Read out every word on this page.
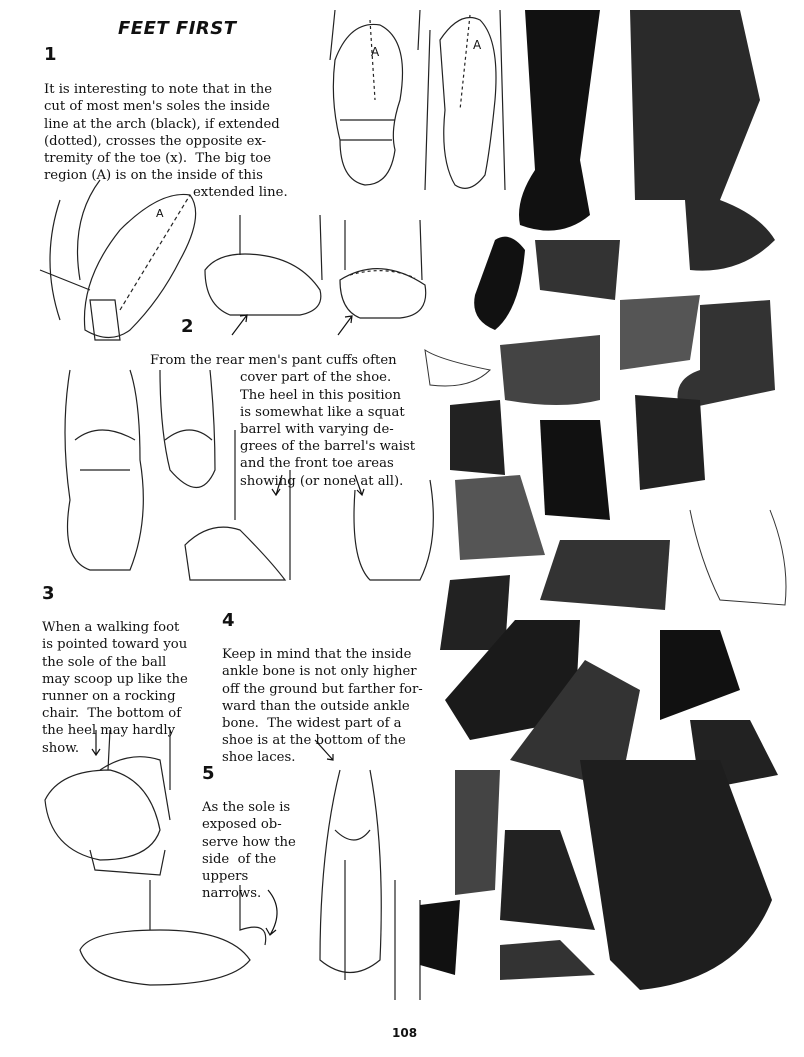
A	A
A
FEET FIRST
1

It is interesting to note that in the
cut of most men's soles the inside
line at the arch (black), if extended
(dotted), crosses the opposite ex-
tremity of the toe (x).  The big toe
region (A) is on the inside of this
extended line.

2

From the rear men's pant cuffs often
cover part of the shoe.
The heel in this position
is somewhat like a squat
barrel with varying de-
grees of the barrel's waist
and the front toe areas
showing (or none at all).

3

When a walking foot
is pointed toward you
the sole of the ball
may scoop up like the
runner on a rocking
chair.  The bottom of
the heel may hardly
show.

4

Keep in mind that the inside
ankle bone is not only higher
off the ground but farther for-
ward than the outside ankle
bone.  The widest part of a
shoe is at the bottom of the
shoe laces.

5

As the sole is
exposed ob-
serve how the
side  of the
uppers
narrows.

108
